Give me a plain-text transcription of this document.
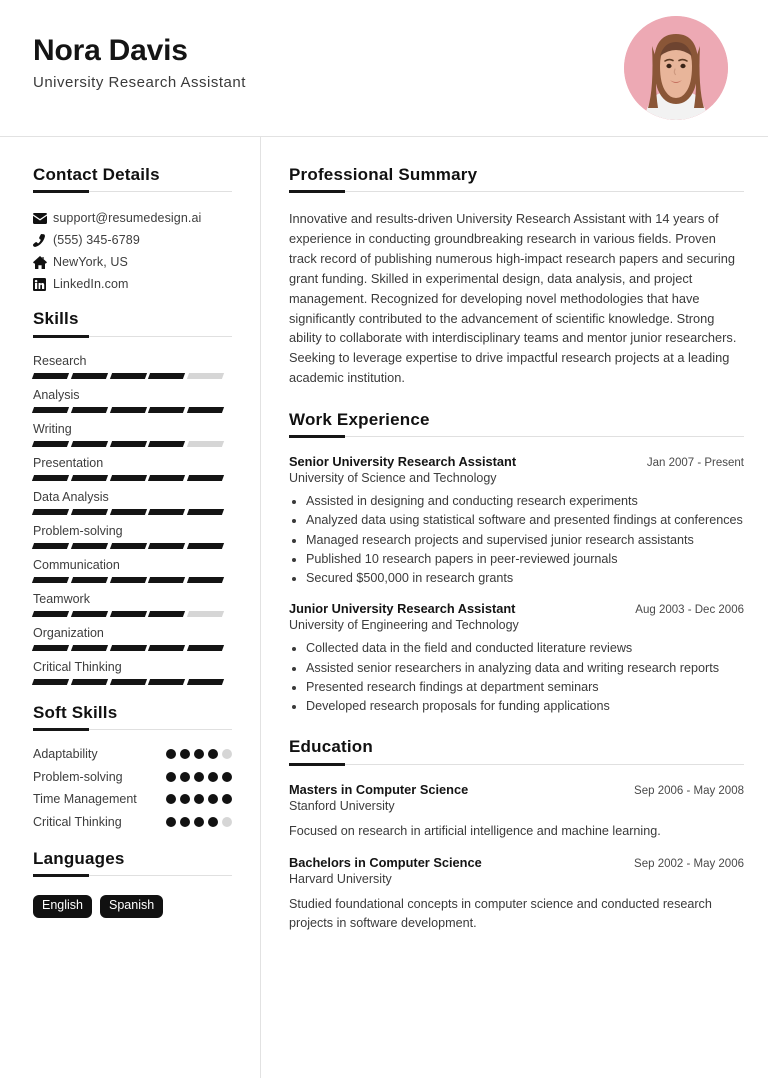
Nora Davis
University Research Assistant
Contact Details
support@resumedesign.ai
(555) 345-6789
NewYork, US
LinkedIn.com
Skills
Research
Analysis
Writing
Presentation
Data Analysis
Problem-solving
Communication
Teamwork
Organization
Critical Thinking
Soft Skills
Adaptability
Problem-solving
Time Management
Critical Thinking
Languages
English	Spanish
Professional Summary
Innovative and results-driven University Research Assistant with 14 years of experience in conducting groundbreaking research in various fields. Proven track record of publishing numerous high-impact research papers and securing grant funding. Skilled in experimental design, data analysis, and project management. Recognized for developing novel methodologies that have significantly contributed to the advancement of scientific knowledge. Strong ability to collaborate with interdisciplinary teams and mentor junior researchers. Seeking to leverage expertise to drive impactful research projects at a leading academic institution.
Work Experience
Senior University Research Assistant	Jan 2007 - Present
University of Science and Technology
• Assisted in designing and conducting research experiments
• Analyzed data using statistical software and presented findings at conferences
• Managed research projects and supervised junior research assistants
• Published 10 research papers in peer-reviewed journals
• Secured $500,000 in research grants
Junior University Research Assistant	Aug 2003 - Dec 2006
University of Engineering and Technology
• Collected data in the field and conducted literature reviews
• Assisted senior researchers in analyzing data and writing research reports
• Presented research findings at department seminars
• Developed research proposals for funding applications
Education
Masters in Computer Science	Sep 2006 - May 2008
Stanford University
Focused on research in artificial intelligence and machine learning.
Bachelors in Computer Science	Sep 2002 - May 2006
Harvard University
Studied foundational concepts in computer science and conducted research projects in software development.
